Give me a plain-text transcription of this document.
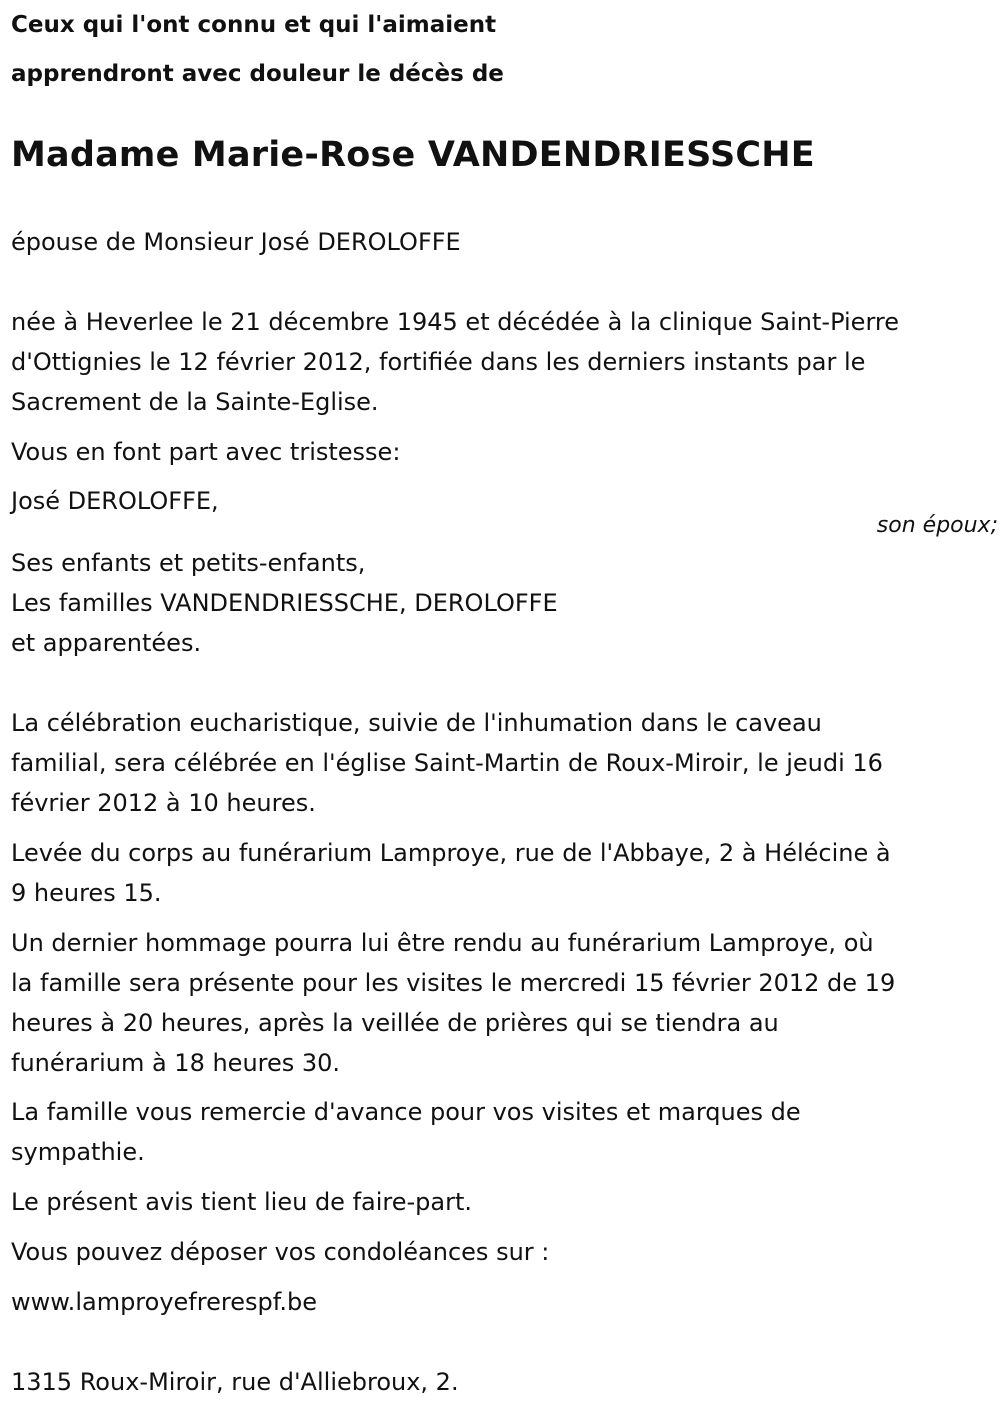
Ceux qui l'ont connu et qui l'aimaient
apprendront avec douleur le décès de
Madame Marie-Rose VANDENDRIESSCHE
épouse de Monsieur José DEROLOFFE
née à Heverlee le 21 décembre 1945 et décédée à la clinique Saint-Pierre
d'Ottignies le 12 février 2012, fortifiée dans les derniers instants par le
Sacrement de la Sainte-Eglise.
Vous en font part avec tristesse:
José DEROLOFFE,
Ses enfants et petits-enfants,
Les familles VANDENDRIESSCHE, DEROLOFFE
et apparentées.
La célébration eucharistique, suivie de l'inhumation dans le caveau
familial, sera célébrée en l'église Saint-Martin de Roux-Miroir, le jeudi 16
février 2012 à 10 heures.
Levée du corps au funérarium Lamproye, rue de l'Abbaye, 2 à Hélécine à
9 heures 15.
Un dernier hommage pourra lui être rendu au funérarium Lamproye, où
la famille sera présente pour les visites le mercredi 15 février 2012 de 19
heures à 20 heures, après la veillée de prières qui se tiendra au
funérarium à 18 heures 30.
La famille vous remercie d'avance pour vos visites et marques de
sympathie.
Le présent avis tient lieu de faire-part.
Vous pouvez déposer vos condoléances sur :
www.lamproyefrerespf.be
1315 Roux-Miroir, rue d'Alliebroux, 2.
son époux;
